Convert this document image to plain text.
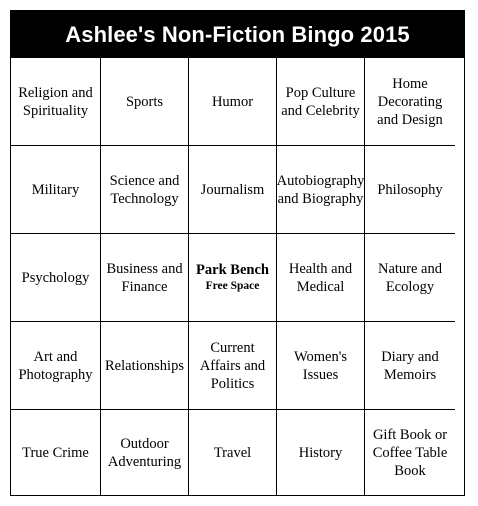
Ashlee's Non-Fiction Bingo 2015
Religion and Spirituality
Sports	Humor
Pop Culture and Celebrity
Home Decorating and Design
Military
Science and Technology
Journalism
Autobiography and Biography
Philosophy
Psychology
Business and Finance
Park Bench
Free Space
Health and Medical
Nature and Ecology
Art and Photography
Relationships
Current Affairs and Politics
Women's Issues
Diary and Memoirs
True Crime
Outdoor Adventuring
Travel	History
Gift Book or Coffee Table Book
